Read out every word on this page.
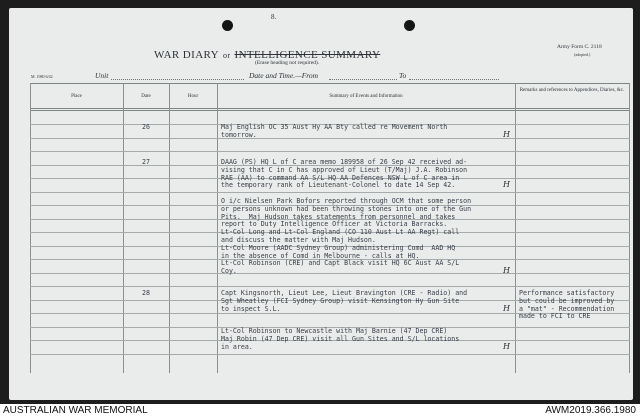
8.
WAR DIARY or INTELLIGENCE SUMMARY
(Erase heading not required).
Army Form C. 2118
(adopted.)
M. 1980 6/42	Unit	Date and Time.—From	To
Place	Date	Hour	Summary of Events and Information
Remarks and references to Appendices, Diaries, &c.
26	Maj English OC 35 Aust Hy AA Bty called re Movement North
tomorrow.	H
27	DAAG (PS) HQ L of C area memo 189958 of 26 Sep 42 received ad-
vising that C in C has approved of Lieut (T/Maj) J.A. Robinson
RAE (AA) to command AA S/L HQ AA Defences NSW L of C area in
the temporary rank of Lieutenant-Colonel to date 14 Sep 42.	H
O i/c Nielsen Park Bofors reported through OCM that some person
or persons unknown had been throwing stones into one of the Gun
Pits.  Maj Hudson takes statements from personnel and takes
report to Duty Intelligence Officer at Victoria Barracks.
Lt-Col Long and Lt-Col England (CO 110 Aust Lt AA Regt) call
and discuss the matter with Maj Hudson.
Lt-Col Moore (AADC Sydney Group) administering Comd  AAD HQ
in the absence of Comd in Melbourne - calls at HQ.
Lt-Col Robinson (CRE) and Capt Black visit HQ 6C Aust AA S/L
Coy.	H
28	Capt Kingsnorth, Lieut Lee, Lieut Bravington (CRE - Radio) and
Sgt Wheatley (FCI Sydney Group) visit Kensington Hy Gun Site
to inspect S.L.	H
Performance satisfactory
but could be improved by
a "mat" - Recommendation
made to FCI to CRE
Lt-Col Robinson to Newcastle with Maj Barnie (47 Dep CRE)
Maj Robin (47 Dep CRE) visit all Gun Sites and S/L locations
in area.	H
AUSTRALIAN WAR MEMORIAL	AWM2019.366.1980
